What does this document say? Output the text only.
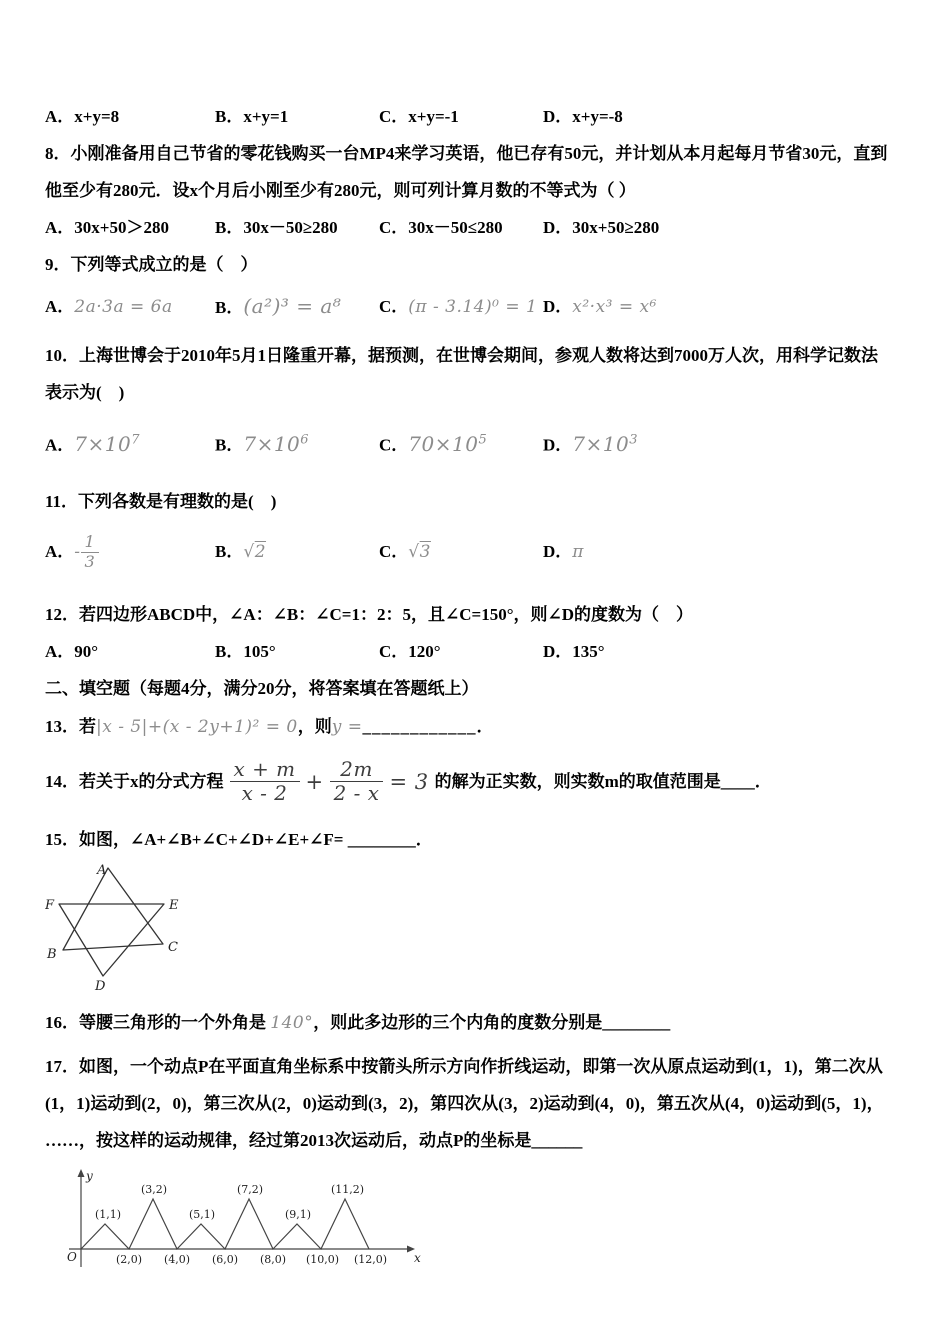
A．x+y=8	B．x+y=1	C．x+y=-1	D．x+y=-8
8．小刚准备用自己节省的零花钱购买一台MP4来学习英语，他已存有50元，并计划从本月起每月节省30元，直到
他至少有280元．设x个月后小刚至少有280元，则可列计算月数的不等式为（ ）
A．30x+50＞280	B．30x－50≥280	C．30x－50≤280	D．30x+50≥280
9．下列等式成立的是（　）
A．2a·3a = 6a	B．(a²)³ = a⁸	C．(π - 3.14)⁰ = 1 D．x²·x³ = x⁶
10．上海世博会于2010年5月1日隆重开幕，据预测，在世博会期间，参观人数将达到7000万人次，用科学记数法
表示为(　)
A．$7\times 10^7$	B．$7\times 10^6$	C．$70\times 10^5$	D．$7\times 10^3$
11．下列各数是有理数的是(　)
A．- $\frac{1}{3}$	B．√2	C．√3	D．π
12．若四边形ABCD中，∠A：∠B：∠C=1：2：5，且∠C=150°，则∠D的度数为（　）
A．90°	B．105°	C．120°	D．135°
二、填空题（每题4分，满分20分，将答案填在答题纸上）
13．若 |x - 5|+(x - 2y+1)² = 0 ，则 y = ____________ ．
14．若关于x的分式方程 $\frac{x + m}{x - 2} + \frac{2m}{2 - x} = 3$ 的解为正实数，则实数m的取值范围是____．
15．如图，∠A+∠B+∠C+∠D+∠E+∠F= ________．
A
F	E
B	C
D
16．等腰三角形的一个外角是 140°，则此多边形的三个内角的度数分别是________
17．如图，一个动点P在平面直角坐标系中按箭头所示方向作折线运动，即第一次从原点运动到(1，1)，第二次从
(1，1)运动到(2，0)，第三次从(2，0)运动到(3，2)，第四次从(3，2)运动到(4，0)，第五次从(4，0)运动到(5，1)，
……，按这样的运动规律，经过第2013次运动后，动点P的坐标是______
(1,1)
(3,2)
(5,1)
(7,2)
(9,1)
(11,2)
(2,0) (4,0) (6,0) (8,0) (10,0) (12,0)
O	x
y
